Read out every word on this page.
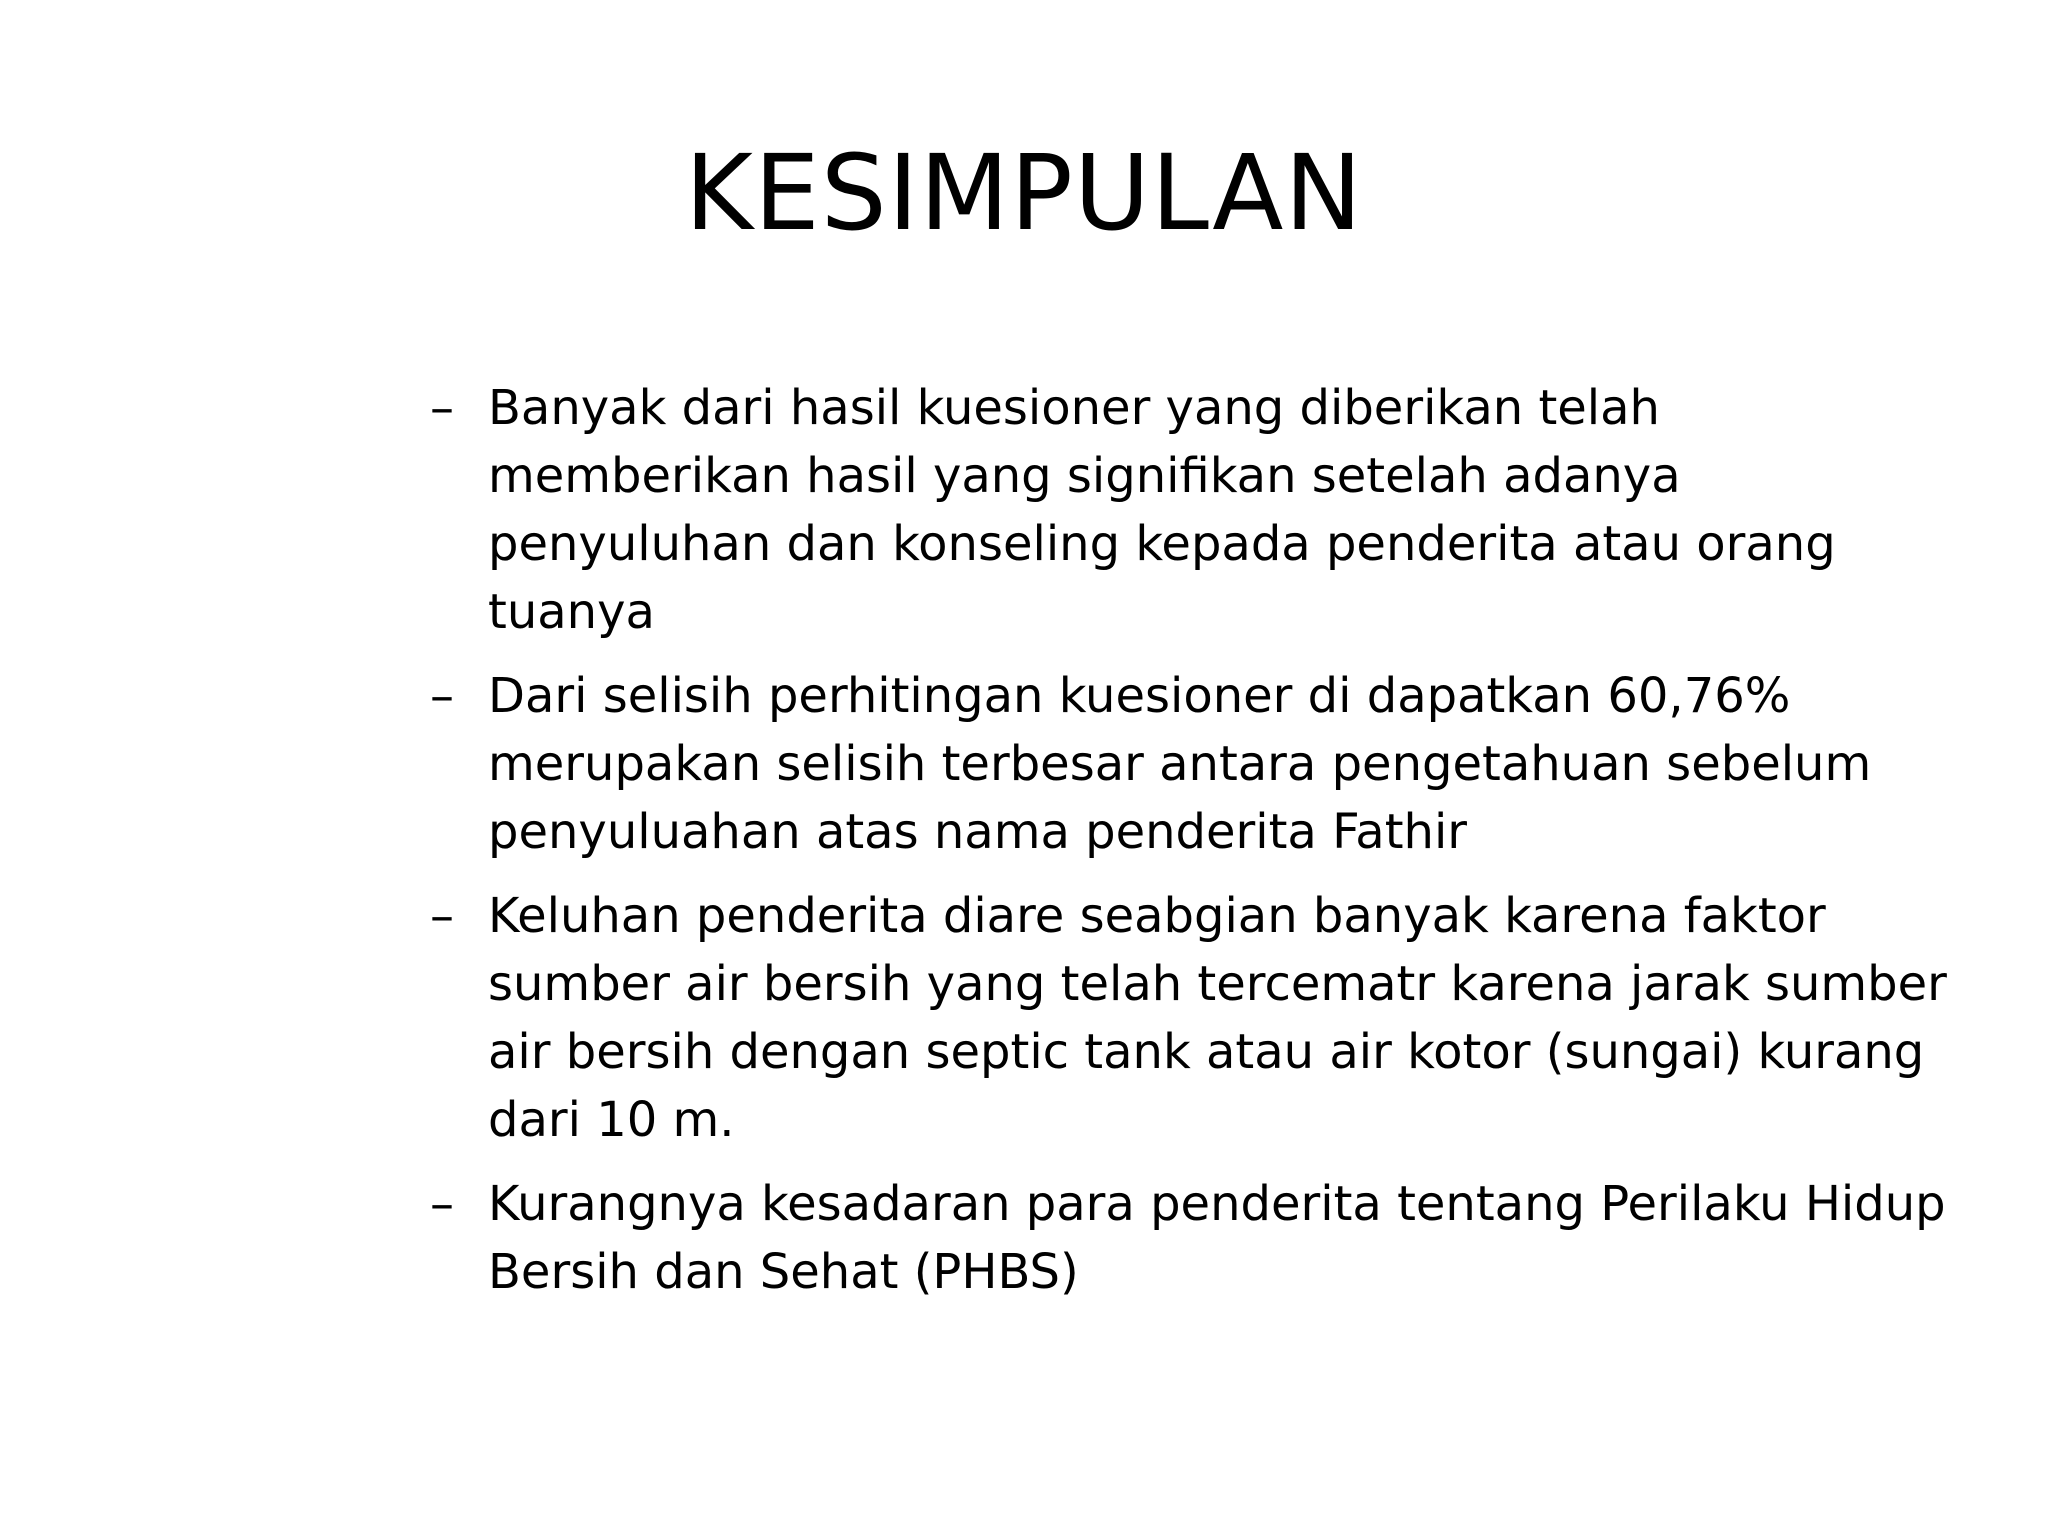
KESIMPULAN
– Banyak dari hasil kuesioner yang diberikan telah memberikan hasil yang signifikan setelah adanya penyuluhan dan konseling kepada penderita atau orang tuanya
– Dari selisih perhitingan kuesioner di dapatkan 60,76% merupakan selisih terbesar antara pengetahuan sebelum penyuluahan atas nama penderita Fathir
– Keluhan penderita diare seabgian banyak karena faktor sumber air bersih yang telah tercematr karena jarak sumber air bersih dengan septic tank atau air kotor (sungai) kurang dari 10 m.
– Kurangnya kesadaran para penderita tentang Perilaku Hidup Bersih dan Sehat (PHBS)
